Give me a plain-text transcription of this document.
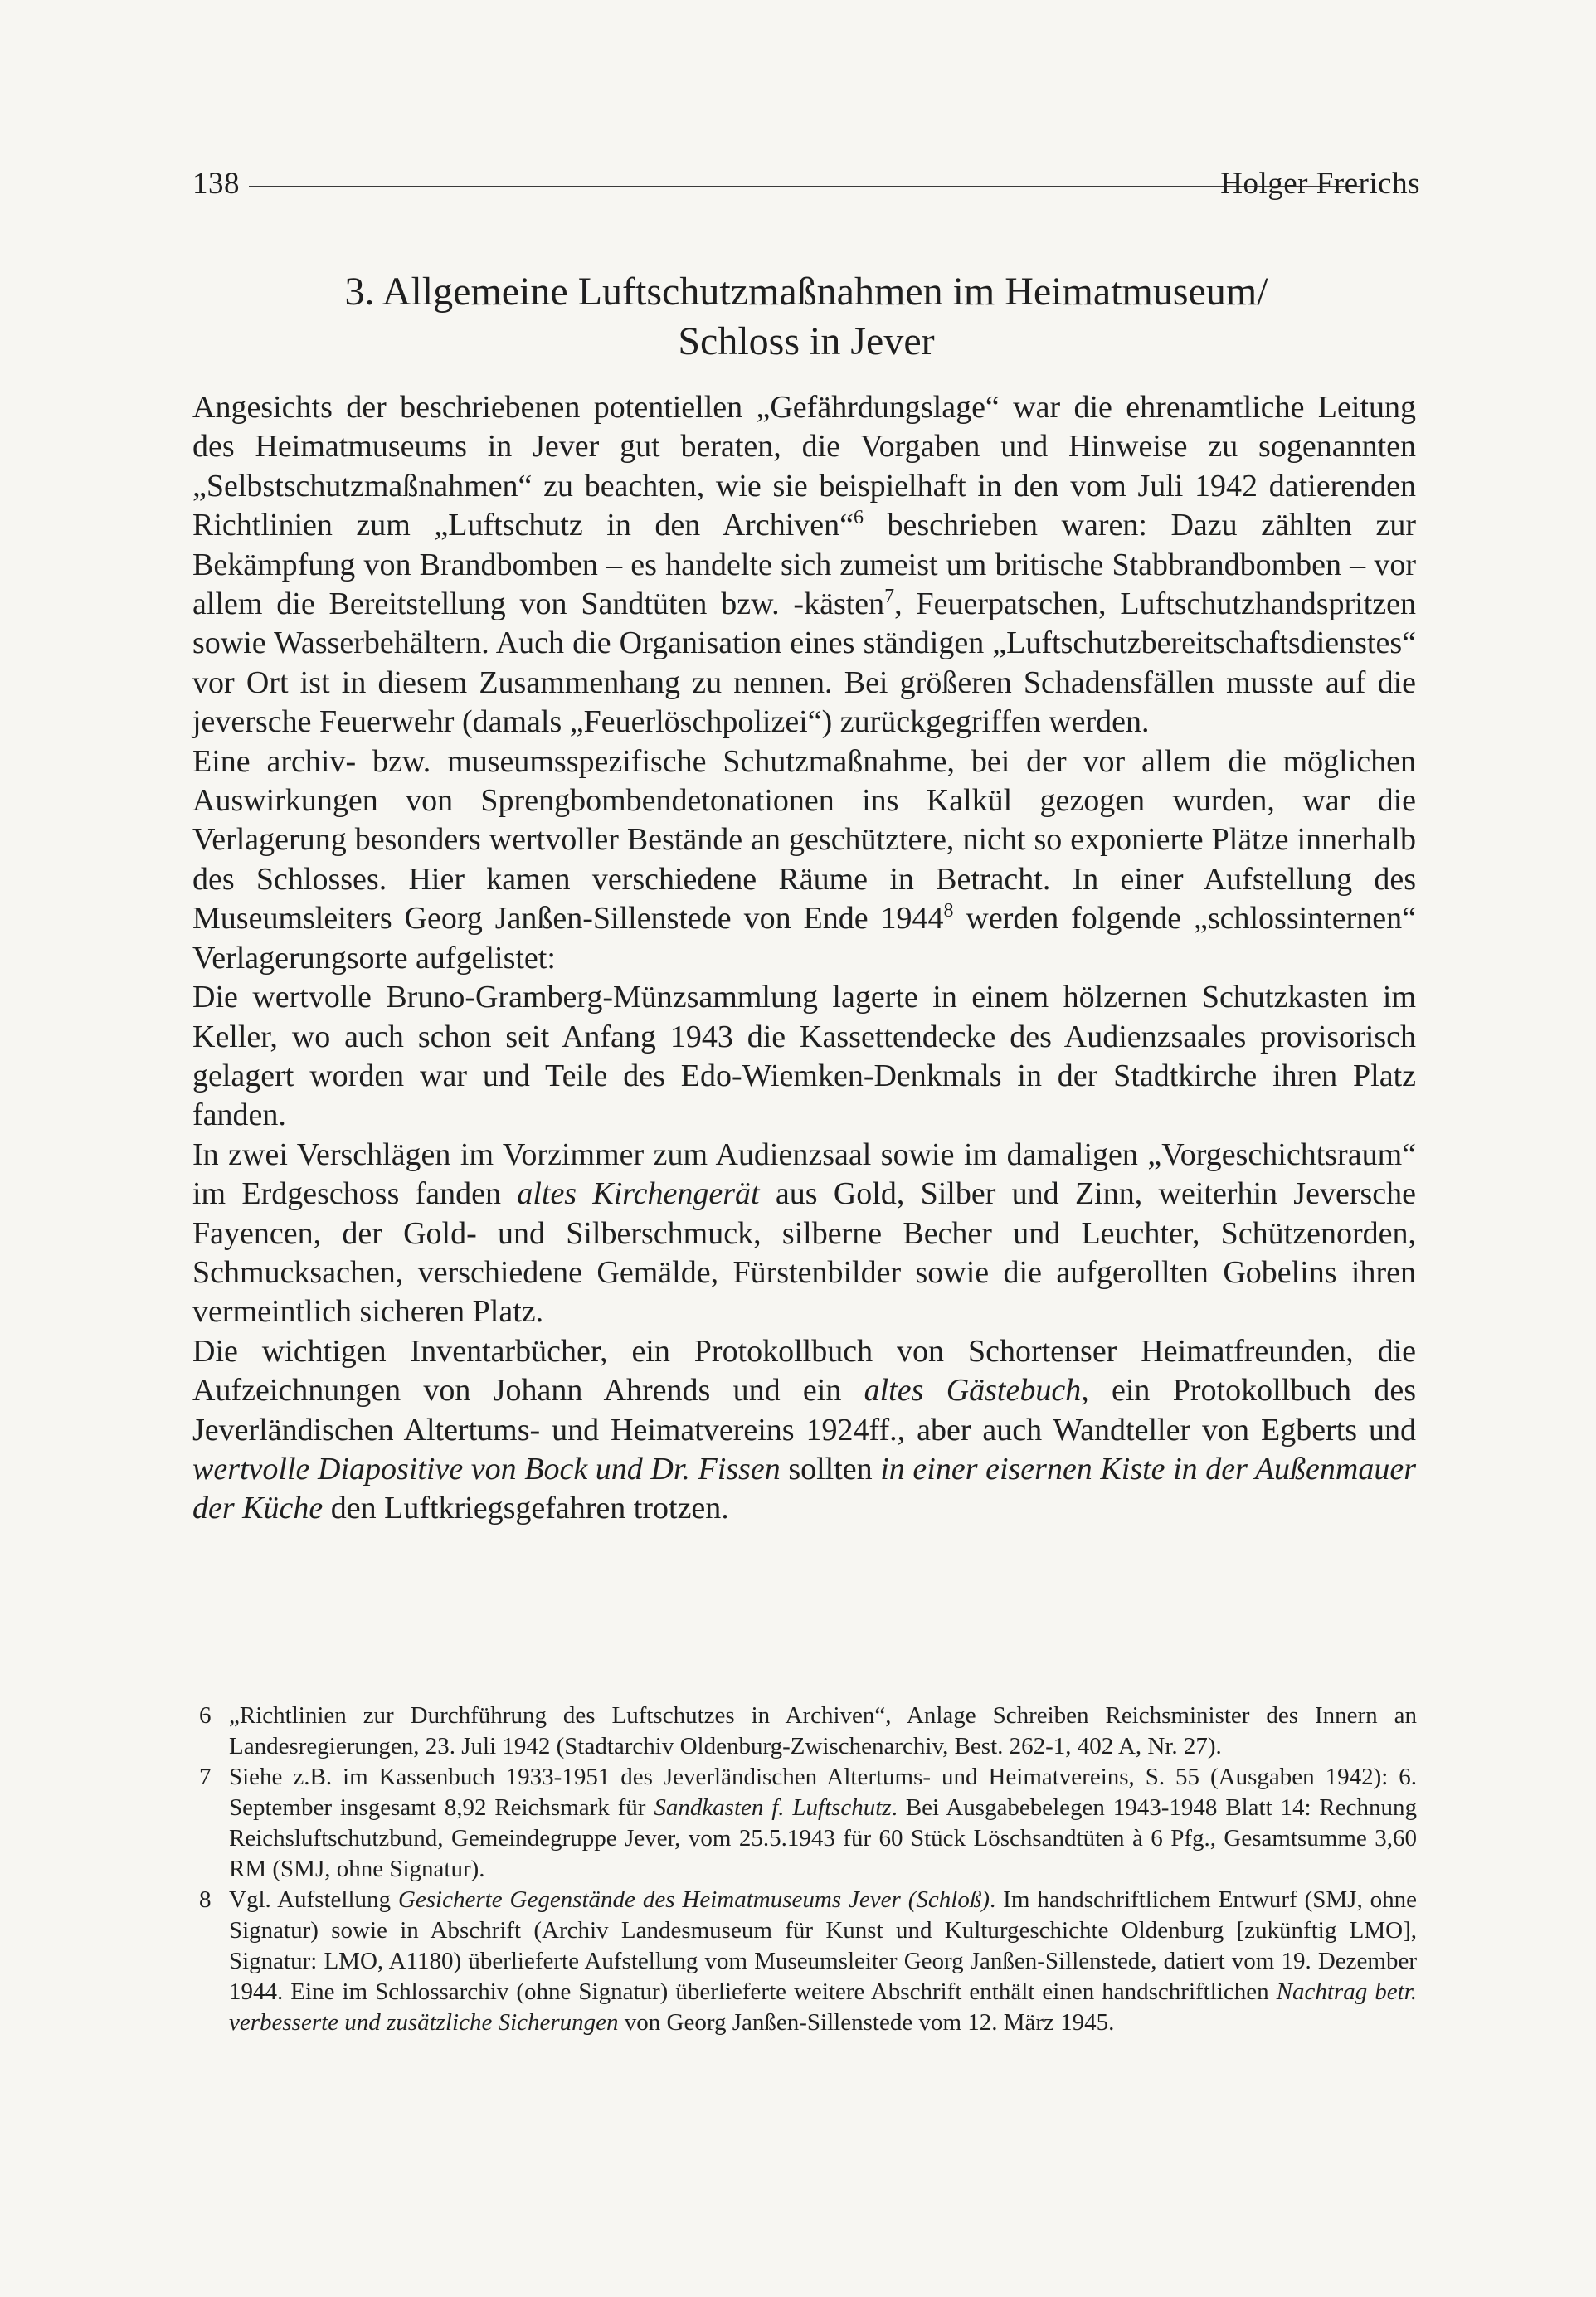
138	Holger Frerichs
3. Allgemeine Luftschutzmaßnahmen im Heimatmuseum/
Schloss in Jever

Angesichts der beschriebenen potentiellen „Gefährdungslage“ war die ehrenamtliche Leitung des Heimatmuseums in Jever gut beraten, die Vorgaben und Hinweise zu sogenannten „Selbstschutzmaßnahmen“ zu beachten, wie sie beispielhaft in den vom Juli 1942 datierenden Richtlinien zum „Luftschutz in den Archiven“$^6$ beschrieben waren: Dazu zählten zur Bekämpfung von Brandbomben – es handelte sich zumeist um britische Stabbrandbomben – vor allem die Bereitstellung von Sandtüten bzw. -kästen$^7$, Feuerpatschen, Luftschutzhandspritzen sowie Wasserbehältern. Auch die Organisation eines ständigen „Luftschutzbereitschaftsdienstes“ vor Ort ist in diesem Zusammenhang zu nennen. Bei größeren Schadensfällen musste auf die jeversche Feuerwehr (damals „Feuerlöschpolizei“) zurückgegriffen werden.

Eine archiv- bzw. museumsspezifische Schutzmaßnahme, bei der vor allem die möglichen Auswirkungen von Sprengbombendetonationen ins Kalkül gezogen wurden, war die Verlagerung besonders wertvoller Bestände an geschütztere, nicht so exponierte Plätze innerhalb des Schlosses. Hier kamen verschiedene Räume in Betracht. In einer Aufstellung des Museumsleiters Georg Janßen-Sillenstede von Ende 1944$^8$ werden folgende „schlossinternen“ Verlagerungsorte aufgelistet:

Die wertvolle Bruno-Gramberg-Münzsammlung lagerte in einem hölzernen Schutzkasten im Keller, wo auch schon seit Anfang 1943 die Kassettendecke des Audienzsaales provisorisch gelagert worden war und Teile des Edo-Wiemken-Denkmals in der Stadtkirche ihren Platz fanden.

In zwei Verschlägen im Vorzimmer zum Audienzsaal sowie im damaligen „Vorgeschichtsraum“ im Erdgeschoss fanden altes Kirchengerät aus Gold, Silber und Zinn, weiterhin Jeversche Fayencen, der Gold- und Silberschmuck, silberne Becher und Leuchter, Schützenorden, Schmucksachen, verschiedene Gemälde, Fürstenbilder sowie die aufgerollten Gobelins ihren vermeintlich sicheren Platz.

Die wichtigen Inventarbücher, ein Protokollbuch von Schortenser Heimatfreunden, die Aufzeichnungen von Johann Ahrends und ein altes Gästebuch, ein Protokollbuch des Jeverländischen Altertums- und Heimatvereins 1924ff., aber auch Wandteller von Egberts und wertvolle Diapositive von Bock und Dr. Fissen sollten in einer eisernen Kiste in der Außenmauer der Küche den Luftkriegsgefahren trotzen.

6 „Richtlinien zur Durchführung des Luftschutzes in Archiven“, Anlage Schreiben Reichsminister des Innern an Landesregierungen, 23. Juli 1942 (Stadtarchiv Oldenburg-Zwischenarchiv, Best. 262-1, 402 A, Nr. 27).
7 Siehe z.B. im Kassenbuch 1933-1951 des Jeverländischen Altertums- und Heimatvereins, S. 55 (Ausgaben 1942): 6. September insgesamt 8,92 Reichsmark für Sandkasten f. Luftschutz. Bei Ausgabebelegen 1943-1948 Blatt 14: Rechnung Reichsluftschutzbund, Gemeindegruppe Jever, vom 25.5.1943 für 60 Stück Löschsandtüten à 6 Pfg., Gesamtsumme 3,60 RM (SMJ, ohne Signatur).
8 Vgl. Aufstellung Gesicherte Gegenstände des Heimatmuseums Jever (Schloß). Im handschriftlichem Entwurf (SMJ, ohne Signatur) sowie in Abschrift (Archiv Landesmuseum für Kunst und Kulturgeschichte Oldenburg [zukünftig LMO], Signatur: LMO, A1180) überlieferte Aufstellung vom Museumsleiter Georg Janßen-Sillenstede, datiert vom 19. Dezember 1944. Eine im Schlossarchiv (ohne Signatur) überlieferte weitere Abschrift enthält einen handschriftlichen Nachtrag betr. verbesserte und zusätzliche Sicherungen von Georg Janßen-Sillenstede vom 12. März 1945.
